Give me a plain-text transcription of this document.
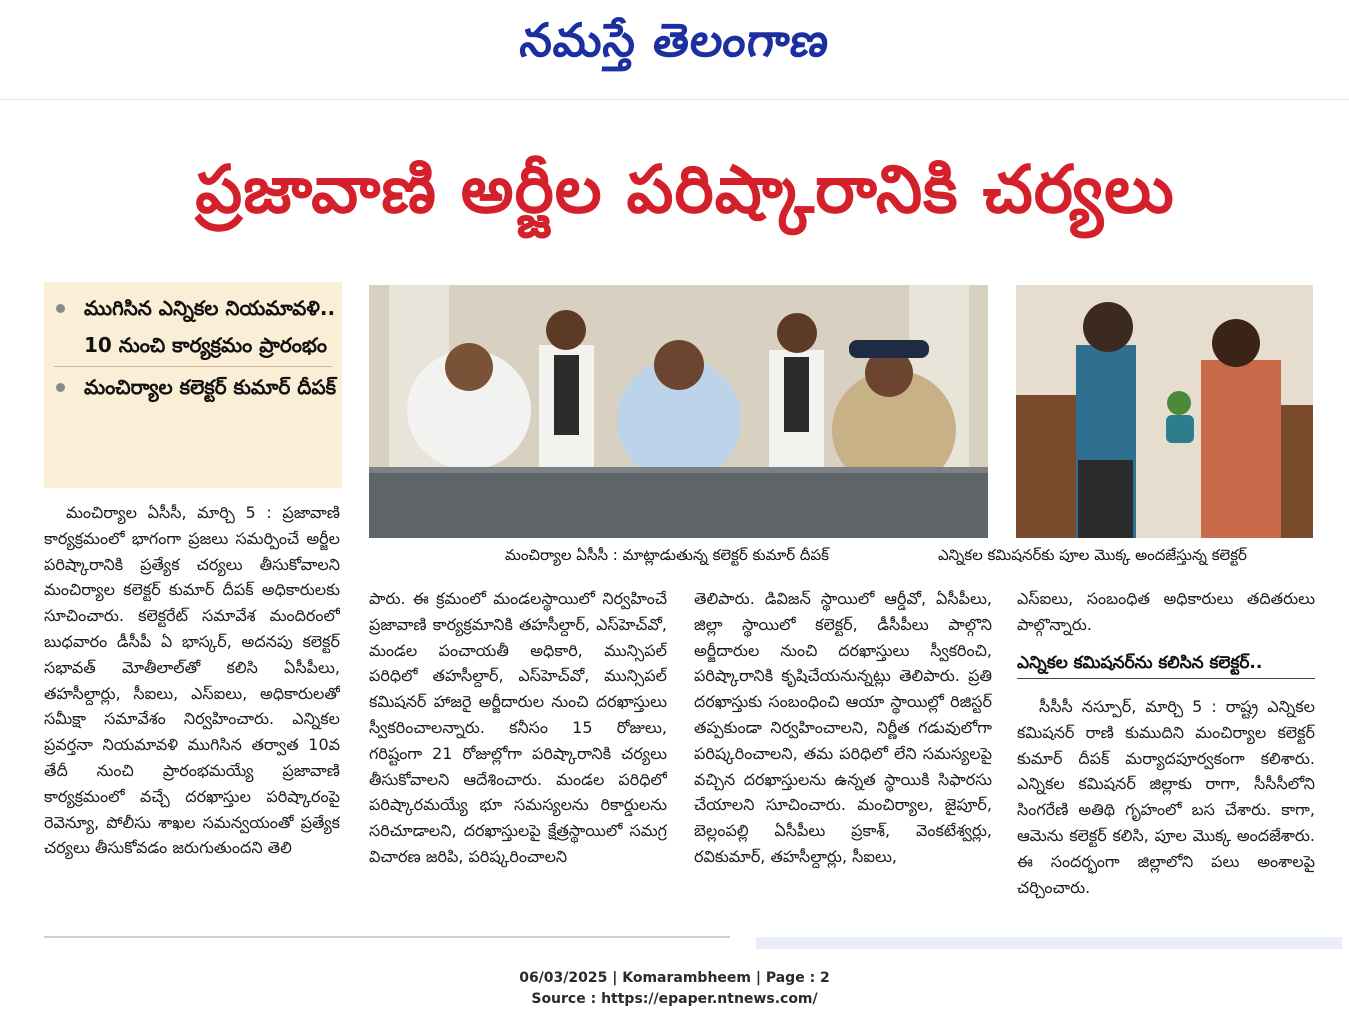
నమస్తే తెలంగాణ
ప్రజావాణి అర్జీల పరిష్కారానికి చర్యలు
ముగిసిన ఎన్నికల నియమావళి.. 10 నుంచి కార్యక్రమం ప్రారంభం
మంచిర్యాల కలెక్టర్ కుమార్ దీపక్
మంచిర్యాల ఏసీసీ : మాట్లాడుతున్న కలెక్టర్ కుమార్ దీపక్	ఎన్నికల కమిషనర్‌కు పూల మొక్క అందజేస్తున్న కలెక్టర్
మంచిర్యాల ఏసీసీ, మార్చి 5 : ప్రజావాణి కార్యక్రమంలో భాగంగా ప్రజలు సమర్పించే అర్జీల పరిష్కారానికి ప్రత్యేక చర్యలు తీసుకోవాలని మంచిర్యాల కలెక్టర్ కుమార్ దీపక్ అధికారులకు సూచించారు. కలెక్టరేట్ సమావేశ మందిరంలో బుధవారం డీసీపీ ఏ భాస్కర్, అదనపు కలెక్టర్ సభావత్ మోతీలాల్‌తో కలిసి ఏసీపీలు, తహసీల్దార్లు, సీఐలు, ఎస్ఐలు, అధికారులతో సమీక్షా సమావేశం నిర్వహించారు. ఎన్నికల ప్రవర్తనా నియమావళి ముగిసిన తర్వాత 10వ తేదీ నుంచి ప్రారంభమయ్యే ప్రజావాణి కార్యక్రమంలో వచ్చే దరఖాస్తుల పరిష్కారంపై రెవెన్యూ, పోలీసు శాఖల సమన్వయంతో ప్రత్యేక చర్యలు తీసుకోవడం జరుగుతుందని తెలి
పారు. ఈ క్రమంలో మండలస్థాయిలో నిర్వహించే ప్రజావాణి కార్యక్రమానికి తహసీల్దార్, ఎస్‌హెచ్‌వో, మండల పంచాయతీ అధికారి, మున్సిపల్ పరిధిలో తహసీల్దార్, ఎస్‌హెచ్‌వో, మున్సిపల్ కమిషనర్ హాజరై అర్జీదారుల నుంచి దరఖాస్తులు స్వీకరించాలన్నారు. కనీసం 15 రోజులు, గరిష్టంగా 21 రోజుల్లోగా పరిష్కారానికి చర్యలు తీసుకోవాలని ఆదేశించారు. మండల పరిధిలో పరిష్కారమయ్యే భూ సమస్యలను రికార్డులను సరిచూడాలని, దరఖాస్తులపై క్షేత్రస్థాయిలో సమగ్ర విచారణ జరిపి, పరిష్కరించాలని
తెలిపారు. డివిజన్ స్థాయిలో ఆర్డీవో, ఏసీపీలు, జిల్లా స్థాయిలో కలెక్టర్, డీసీపీలు పాల్గొని అర్జీదారుల నుంచి దరఖాస్తులు స్వీకరించి, పరిష్కారానికి కృషిచేయనున్నట్లు తెలిపారు. ప్రతి దరఖాస్తుకు సంబంధించి ఆయా స్థాయిల్లో రిజిస్టర్ తప్పకుండా నిర్వహించాలని, నిర్ణీత గడువులోగా పరిష్కరించాలని, తమ పరిధిలో లేని సమస్యలపై వచ్చిన దరఖాస్తులను ఉన్నత స్థాయికి సిఫారసు చేయాలని సూచించారు. మంచిర్యాల, జైపూర్, బెల్లంపల్లి ఏసీపీలు ప్రకాశ్, వెంకటేశ్వర్లు, రవికుమార్, తహసీల్దార్లు, సీఐలు,
ఎస్ఐలు, సంబంధిత అధికారులు తదితరులు పాల్గొన్నారు.
ఎన్నికల కమిషనర్‌ను కలిసిన కలెక్టర్..
సీసీసీ నస్పూర్, మార్చి 5 : రాష్ట్ర ఎన్నికల కమిషనర్ రాణి కుముదిని మంచిర్యాల కలెక్టర్ కుమార్ దీపక్ మర్యాదపూర్వకంగా కలిశారు. ఎన్నికల కమిషనర్ జిల్లాకు రాగా, సీసీసీలోని సింగరేణి అతిథి గృహంలో బస చేశారు. కాగా, ఆమెను కలెక్టర్ కలిసి, పూల మొక్క అందజేశారు. ఈ సందర్భంగా జిల్లాలోని పలు అంశాలపై చర్చించారు.
06/03/2025 | Komarambheem | Page : 2
Source : https://epaper.ntnews.com/
